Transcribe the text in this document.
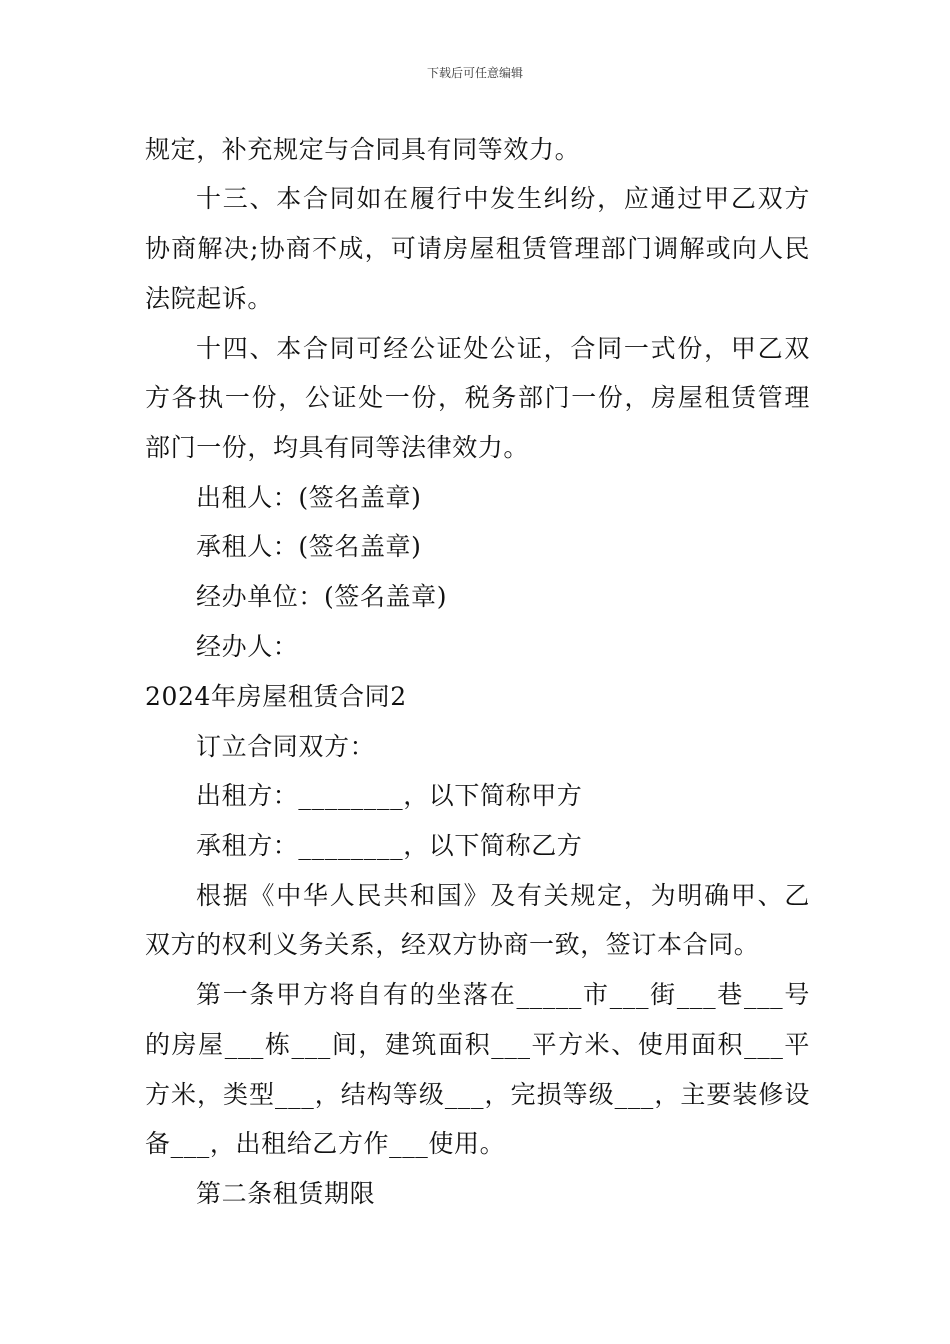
下载后可任意编辑
规定，补充规定与合同具有同等效力。
十三、本合同如在履行中发生纠纷，应通过甲乙双方
协商解决;协商不成，可请房屋租赁管理部门调解或向人民
法院起诉。
十四、本合同可经公证处公证，合同一式份，甲乙双
方各执一份，公证处一份，税务部门一份，房屋租赁管理
部门一份，均具有同等法律效力。
出租人：(签名盖章)
承租人：(签名盖章)
经办单位：(签名盖章)
经办人：
2024年房屋租赁合同2
订立合同双方：
出租方：________，以下简称甲方
承租方：________，以下简称乙方
根据《中华人民共和国》及有关规定，为明确甲、乙
双方的权利义务关系，经双方协商一致，签订本合同。
第一条甲方将自有的坐落在_____市___街___巷___号
的房屋___栋___间，建筑面积___平方米、使用面积___平
方米，类型___，结构等级___，完损等级___，主要装修设
备___，出租给乙方作___使用。
第二条租赁期限
